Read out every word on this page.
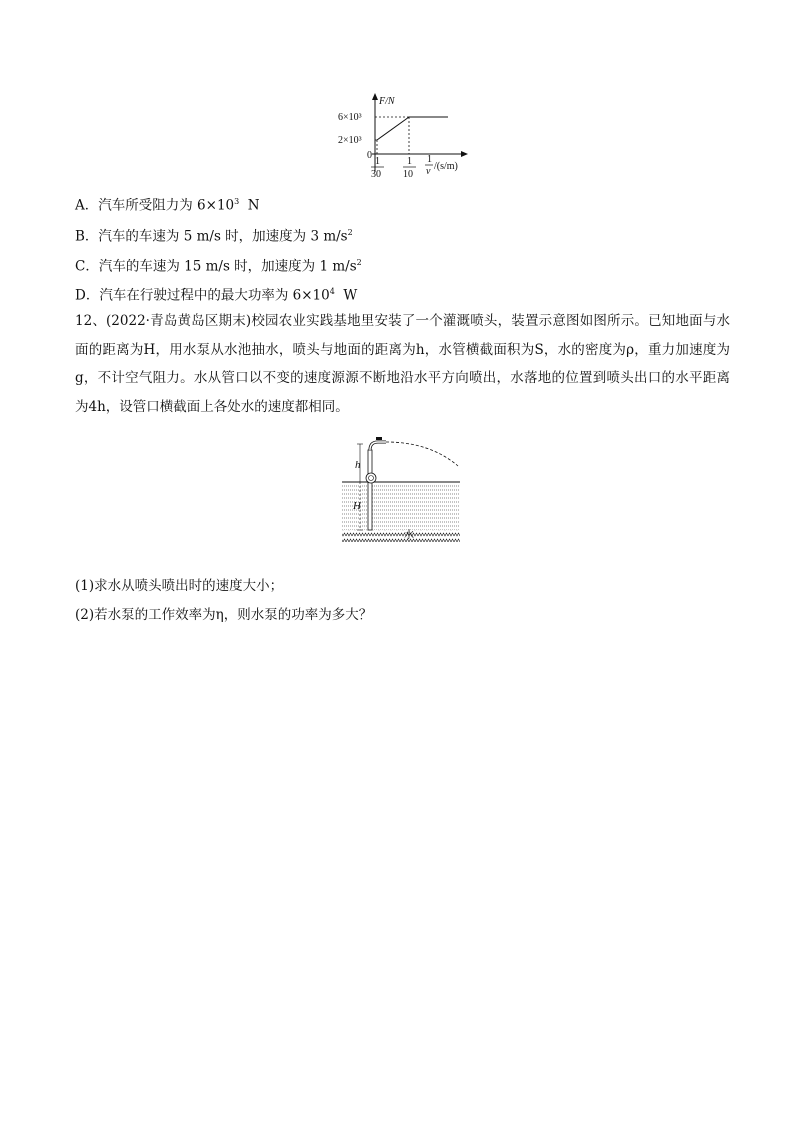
F/N
6×10³
2×10³
0
1
30
1
10
1
v /(s/m)
A．汽车所受阻力为 $6\times 10^3$  N
B．汽车的车速为 5 m/s 时，加速度为 3 $m/s^2$
C．汽车的车速为 15 m/s 时，加速度为 1 $m/s^2$
D．汽车在行驶过程中的最大功率为 $6\times 10^4$  W
12、(2022·青岛黄岛区期末)校园农业实践基地里安装了一个灌溉喷头，装置示意图如图所示。已知地面与水面的距离为H，用水泵从水池抽水，喷头与地面的距离为h，水管横截面积为S，水的密度为ρ，重力加速度为g，不计空气阻力。水从管口以不变的速度源源不断地沿水平方向喷出，水落地的位置到喷头出口的水平距离为4h，设管口横截面上各处水的速度都相同。
h
H
水
(1)求水从喷头喷出时的速度大小；
(2)若水泵的工作效率为η，则水泵的功率为多大？
